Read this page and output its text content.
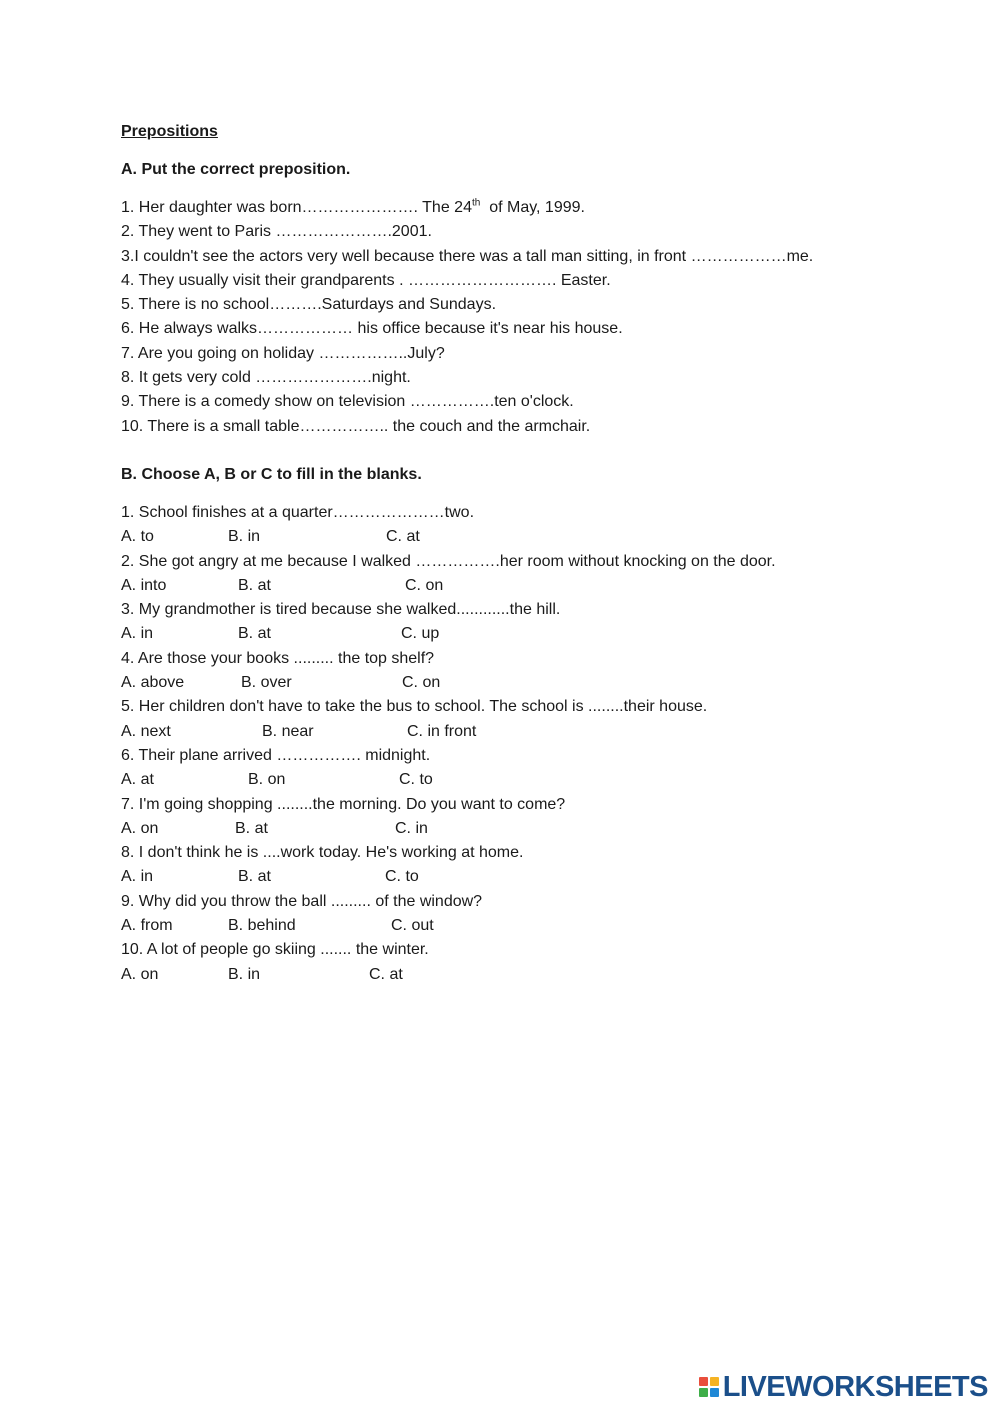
Prepositions
A. Put the correct preposition.
1. Her daughter was born…………………. The 24th  of May, 1999.
2. They went to Paris ………………….2001.
3.I couldn't see the actors very well because there was a tall man sitting, in front ………………me.
4. They usually visit their grandparents . ………………………. Easter.
5. There is no school……….Saturdays and Sundays.
6. He always walks……………… his office because it's near his house.
7. Are you going on holiday ……………..July?
8. It gets very cold ………………….night.
9. There is a comedy show on television …………….ten o'clock.
10. There is a small table…………….. the couch and the armchair.
B. Choose A, B or C to fill in the blanks.
1. School finishes at a quarter…………………two.
A. to	B. in	C. at
2. She got angry at me because I walked …………….her room without knocking on the door.
A. into	B. at	C. on
3. My grandmother is tired because she walked............the hill.
A. in	B. at	C. up
4. Are those your books ......... the top shelf?
A. above	B. over	C. on
5. Her children don't have to take the bus to school. The school is ........their house.
A. next	B. near	C. in front
6. Their plane arrived ……………. midnight.
A. at	B. on	C. to
7. I'm going shopping ........the morning. Do you want to come?
A. on	B. at	C. in
8. I don't think he is ....work today. He's working at home.
A. in	B. at	C. to
9. Why did you throw the ball ......... of the window?
A. from	B. behind	C. out
10. A lot of people go skiing ....... the winter.
A. on	B. in	C. at
LIVEWORKSHEETS
